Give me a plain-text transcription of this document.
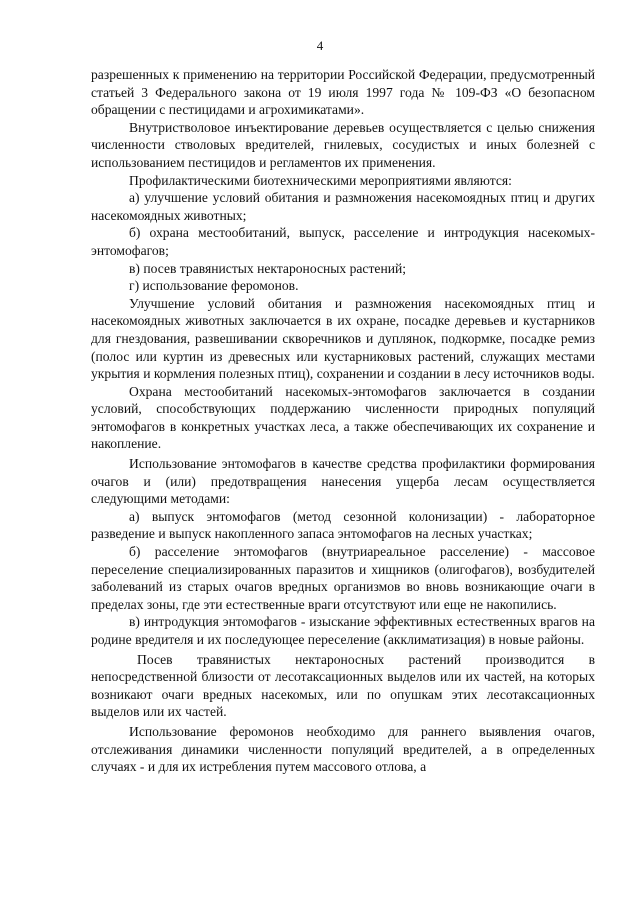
4

разрешенных к применению на территории Российской Федерации, предусмотренный статьей 3 Федерального закона от 19 июля 1997 года № 109-ФЗ «О безопасном обращении с пестицидами и агрохимикатами».

Внутристволовое инъектирование деревьев осуществляется с целью снижения численности стволовых вредителей, гнилевых, сосудистых и иных болезней с использованием пестицидов и регламентов их применения.

Профилактическими биотехническими мероприятиями являются:

а) улучшение условий обитания и размножения насекомоядных птиц и других насекомоядных животных;

б) охрана местообитаний, выпуск, расселение и интродукция насекомых-энтомофагов;

в) посев травянистых нектароносных растений;

г) использование феромонов.

Улучшение условий обитания и размножения насекомоядных птиц и насекомоядных животных заключается в их охране, посадке деревьев и кустарников для гнездования, развешивании скворечников и дуплянок, подкормке, посадке ремиз (полос или куртин из древесных или кустарниковых растений, служащих местами укрытия и кормления полезных птиц), сохранении и создании в лесу источников воды.

Охрана местообитаний насекомых-энтомофагов заключается в создании условий, способствующих поддержанию численности природных популяций энтомофагов в конкретных участках леса, а также обеспечивающих их сохранение и накопление.

Использование энтомофагов в качестве средства профилактики формирования очагов и (или) предотвращения нанесения ущерба лесам осуществляется следующими методами:

а) выпуск энтомофагов (метод сезонной колонизации) - лабораторное разведение и выпуск накопленного запаса энтомофагов на лесных участках;

б) расселение энтомофагов (внутриареальное расселение) - массовое переселение специализированных паразитов и хищников (олигофагов), возбудителей заболеваний из старых очагов вредных организмов во вновь возникающие очаги в пределах зоны, где эти естественные враги отсутствуют или еще не накопились.

в) интродукция энтомофагов - изыскание эффективных естественных врагов на родине вредителя и их последующее переселение (акклиматизация) в новые районы.

Посев травянистых нектароносных растений производится в непосредственной близости от лесотаксационных выделов или их частей, на которых возникают очаги вредных насекомых, или по опушкам этих лесотаксационных выделов или их частей.

Использование феромонов необходимо для раннего выявления очагов, отслеживания динамики численности популяций вредителей, а в определенных случаях - и для их истребления путем массового отлова, а
